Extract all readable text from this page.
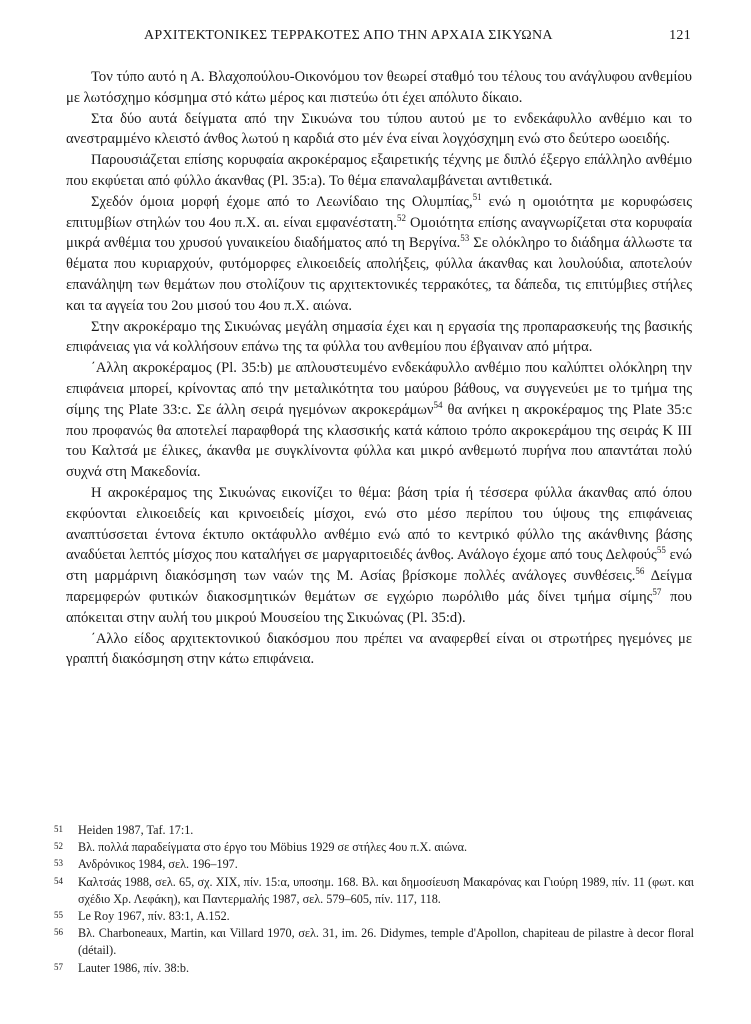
ΑΡΧΙΤΕΚΤΟΝΙΚΕΣ ΤΕΡΡΑΚΟΤΕΣ ΑΠΟ ΤΗΝ ΑΡΧΑΙΑ ΣΙΚΥΩΝΑ	121

Τον τύπο αυτό η Α. Βλαχοπούλου-Οικονόμου τον θεωρεί σταθμό του τέλους του ανάγλυφου ανθεμίου με λωτόσχημο κόσμημα στό κάτω μέρος και πιστεύω ότι έχει απόλυτο δίκαιο.

Στα δύο αυτά δείγματα από την Σικυώνα του τύπου αυτού με το ενδεκάφυλλο ανθέμιο και το ανεστραμμένο κλειστό άνθος λωτού η καρδιά στο μέν ένα είναι λογχόσχημη ενώ στο δεύτερο ωοειδής.

Παρουσιάζεται επίσης κορυφαία ακροκέραμος εξαιρετικής τέχνης με διπλό έξεργο επάλληλο ανθέμιο που εκφύεται από φύλλο άκανθας (Pl. 35:a). Το θέμα επαναλαμβάνεται αντιθετικά.

Σχεδόν όμοια μορφή έχομε από το Λεωνίδαιο της Ολυμπίας,$^{51}$ ενώ η ομοιότητα με κορυφώσεις επιτυμβίων στηλών του 4ου π.Χ. αι. είναι εμφανέστατη.$^{52}$ Ομοιότητα επίσης αναγνωρίζεται στα κορυφαία μικρά ανθέμια του χρυσού γυναικείου διαδήματος από τη Βεργίνα.$^{53}$ Σε ολόκληρο το διάδημα άλλωστε τα θέματα που κυριαρχούν, φυτόμορφες ελικοειδείς απολήξεις, φύλλα άκανθας και λουλούδια, αποτελούν επανάληψη των θεμάτων που στολίζουν τις αρχιτεκτονικές τερρακότες, τα δάπεδα, τις επιτύμβιες στήλες και τα αγγεία του 2ου μισού του 4ου π.Χ. αιώνα.

Στην ακροκέραμο της Σικυώνας μεγάλη σημασία έχει και η εργασία της προπαρασκευής της βασικής επιφάνειας για νά κολλήσουν επάνω της τα φύλλα του ανθεμίου που έβγαιναν από μήτρα.

΄Αλλη ακροκέραμος (Pl. 35:b) με απλουστευμένο ενδεκάφυλλο ανθέμιο που καλύπτει ολόκληρη την επιφάνεια μπορεί, κρίνοντας από την μεταλικότητα του μαύρου βάθους, να συγγενεύει με το τμήμα της σίμης της Plate 33:c. Σε άλλη σειρά ηγεμόνων ακροκεράμων$^{54}$ θα ανήκει η ακροκέραμος της Plate 35:c που προφανώς θα αποτελεί παραφθορά της κλασσικής κατά κάποιο τρόπο ακροκεράμου της σειράς K III του Καλτσά με έλικες, άκανθα με συγκλίνοντα φύλλα και μικρό ανθεμωτό πυρήνα που απαντάται πολύ συχνά στη Μακεδονία.

Η ακροκέραμος της Σικυώνας εικονίζει το θέμα: βάση τρία ή τέσσερα φύλλα άκανθας από όπου εκφύονται ελικοειδείς και κρινοειδείς μίσχοι, ενώ στο μέσο περίπου του ύψους της επιφάνειας αναπτύσσεται έντονα έκτυπο οκτάφυλλο ανθέμιο ενώ από το κεντρικό φύλλο της ακάνθινης βάσης αναδύεται λεπτός μίσχος που καταλήγει σε μαργαριτοειδές άνθος. Ανάλογο έχομε από τους Δελφούς$^{55}$ ενώ στη μαρμάρινη διακόσμηση των ναών της Μ. Ασίας βρίσκομε πολλές ανάλογες συνθέσεις.$^{56}$ Δείγμα παρεμφερών φυτικών διακοσμητικών θεμάτων σε εγχώριο πωρόλιθο μάς δίνει τμήμα σίμης$^{57}$ που απόκειται στην αυλή του μικρού Μουσείου της Σικυώνας (Pl. 35:d).

΄Αλλο είδος αρχιτεκτονικού διακόσμου που πρέπει να αναφερθεί είναι οι στρωτήρες ηγεμόνες με γραπτή διακόσμηση στην κάτω επιφάνεια.

51 Heiden 1987, Taf. 17:1.
52 Βλ. πολλά παραδείγματα στο έργο του Möbius 1929 σε στήλες 4ου π.Χ. αιώνα.
53 Ανδρόνικος 1984, σελ. 196–197.
54 Καλτσάς 1988, σελ. 65, σχ. XIX, πίν. 15:α, υποσημ. 168. Βλ. και δημοσίευση Μακαρόνας και Γιούρη 1989, πίν. 11 (φωτ. και σχέδιο Χρ. Λεφάκη), και Παντερμαλής 1987, σελ. 579–605, πίν. 117, 118.
55 Le Roy 1967, πίν. 83:1, A.152.
56 Βλ. Charboneaux, Martin, και Villard 1970, σελ. 31, im. 26. Didymes, temple d'Apollon, chapiteau de pilastre à decor floral (détail).
57 Lauter 1986, πίν. 38:b.
